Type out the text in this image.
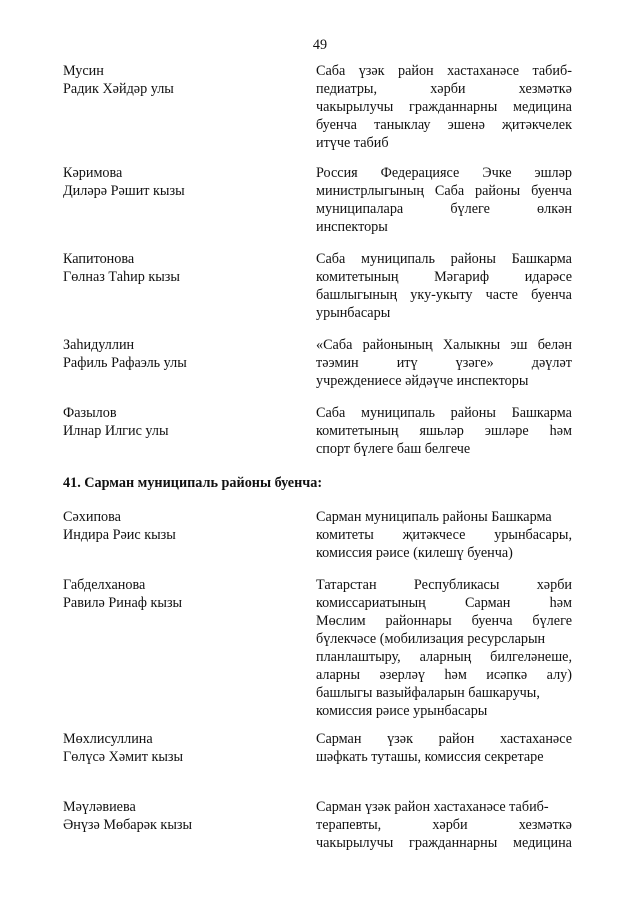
49
Мусин
Радик Хәйдәр улы
Саба үзәк район хастаханәсе табиб-
педиатры,	хәрби	хезмәткә
чакырылучы гражданнарны медицина
буенча таныклау эшенә җитәкчелек
итүче табиб
Кәримова
Диләрә Рәшит кызы
Россия Федерациясе Эчке эшләр
министрлыгының Саба районы буенча
муниципалара	бүлеге	өлкән
инспекторы
Капитонова
Гөлназ Таһир кызы
Саба муниципаль районы Башкарма
комитетының	Мәгариф	идарәсе
башлыгының уку-укыту часте буенча
урынбасары
Заһидуллин
Рафиль Рафаэль улы
«Саба районының Халыкны эш белән
тәэмин	итү	үзәге»	дәүләт
учреждениесе әйдәүче инспекторы
Фазылов
Илнар Илгис улы
Саба муниципаль районы Башкарма
комитетының яшьләр эшләре һәм
спорт бүлеге баш белгече
41. Сарман муниципаль районы буенча:
Сәхипова
Индира Рәис кызы
Сарман муниципаль районы Башкарма
комитеты җитәкчесе урынбасары,
комиссия рәисе (килешү буенча)
Габделханова
Равилә Ринаф кызы
Татарстан	Республикасы	хәрби
комиссариатының	Сарман	һәм
Мөслим районнары буенча бүлеге
бүлекчәсе (мобилизация ресурсларын
планлаштыру, аларның билгеләнеше,
аларны әзерләү һәм исәпкә алу)
башлыгы вазыйфаларын башкаручы,
комиссия рәисе урынбасары
Мөхлисуллина
Гөлүсә Хәмит кызы
Сарман үзәк район хастаханәсе
шәфкать туташы, комиссия секретаре
Мәүләвиева
Әнүзә Мөбарәк кызы
Сарман үзәк район хастаханәсе табиб-
терапевты,	хәрби	хезмәткә
чакырылучы гражданнарны медицина
